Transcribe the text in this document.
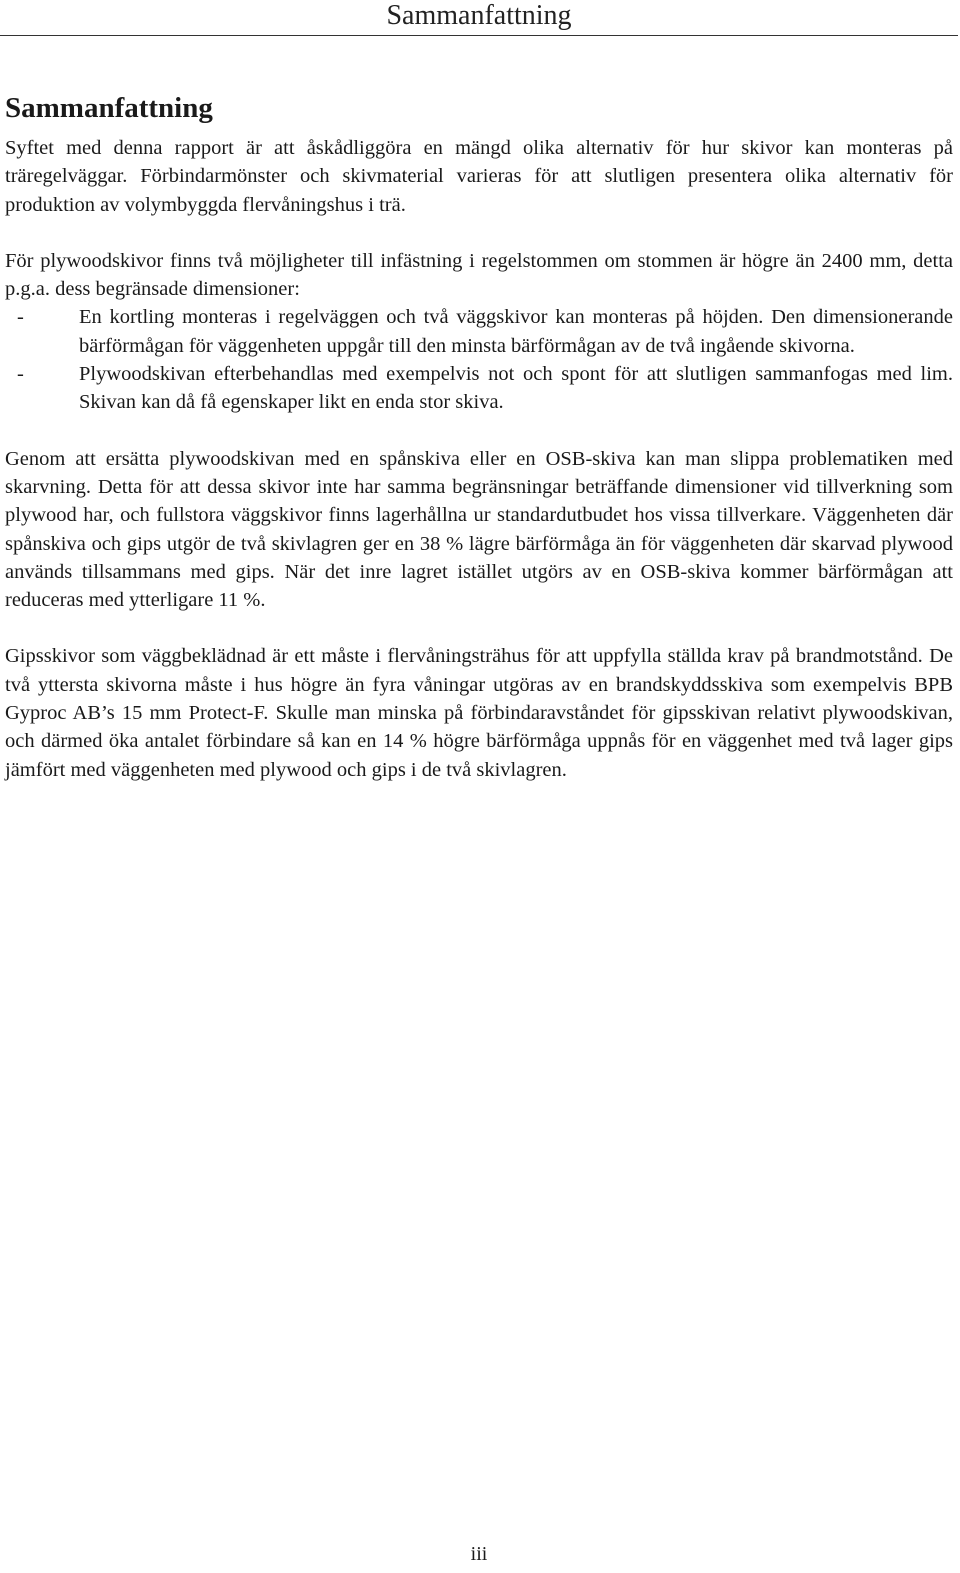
Sammanfattning
Sammanfattning

Syftet med denna rapport är att åskådliggöra en mängd olika alternativ för hur skivor kan monteras på träregelväggar. Förbindarmönster och skivmaterial varieras för att slutligen presentera olika alternativ för produktion av volymbyggda flervåningshus i trä.

För plywoodskivor finns två möjligheter till infästning i regelstommen om stommen är högre än 2400 mm, detta p.g.a. dess begränsade dimensioner:

-	En kortling monteras i regelväggen och två väggskivor kan monteras på höjden. Den dimensionerande bärförmågan för väggenheten uppgår till den minsta bärförmågan av de två ingående skivorna.
-	Plywoodskivan efterbehandlas med exempelvis not och spont för att slutligen sammanfogas med lim. Skivan kan då få egenskaper likt en enda stor skiva.

Genom att ersätta plywoodskivan med en spånskiva eller en OSB-skiva kan man slippa problematiken med skarvning. Detta för att dessa skivor inte har samma begränsningar beträffande dimensioner vid tillverkning som plywood har, och fullstora väggskivor finns lagerhållna ur standardutbudet hos vissa tillverkare. Väggenheten där spånskiva och gips utgör de två skivlagren ger en 38 % lägre bärförmåga än för väggenheten där skarvad plywood används tillsammans med gips. När det inre lagret istället utgörs av en OSB-skiva kommer bärförmågan att reduceras med ytterligare 11 %.

Gipsskivor som väggbeklädnad är ett måste i flervåningsträhus för att uppfylla ställda krav på brandmotstånd. De två yttersta skivorna måste i hus högre än fyra våningar utgöras av en brandskyddsskiva som exempelvis BPB Gyproc AB’s 15 mm Protect-F. Skulle man minska på förbindaravståndet för gipsskivan relativt plywoodskivan, och därmed öka antalet förbindare så kan en 14 % högre bärförmåga uppnås för en väggenhet med två lager gips jämfört med väggenheten med plywood och gips i de två skivlagren.

iii
